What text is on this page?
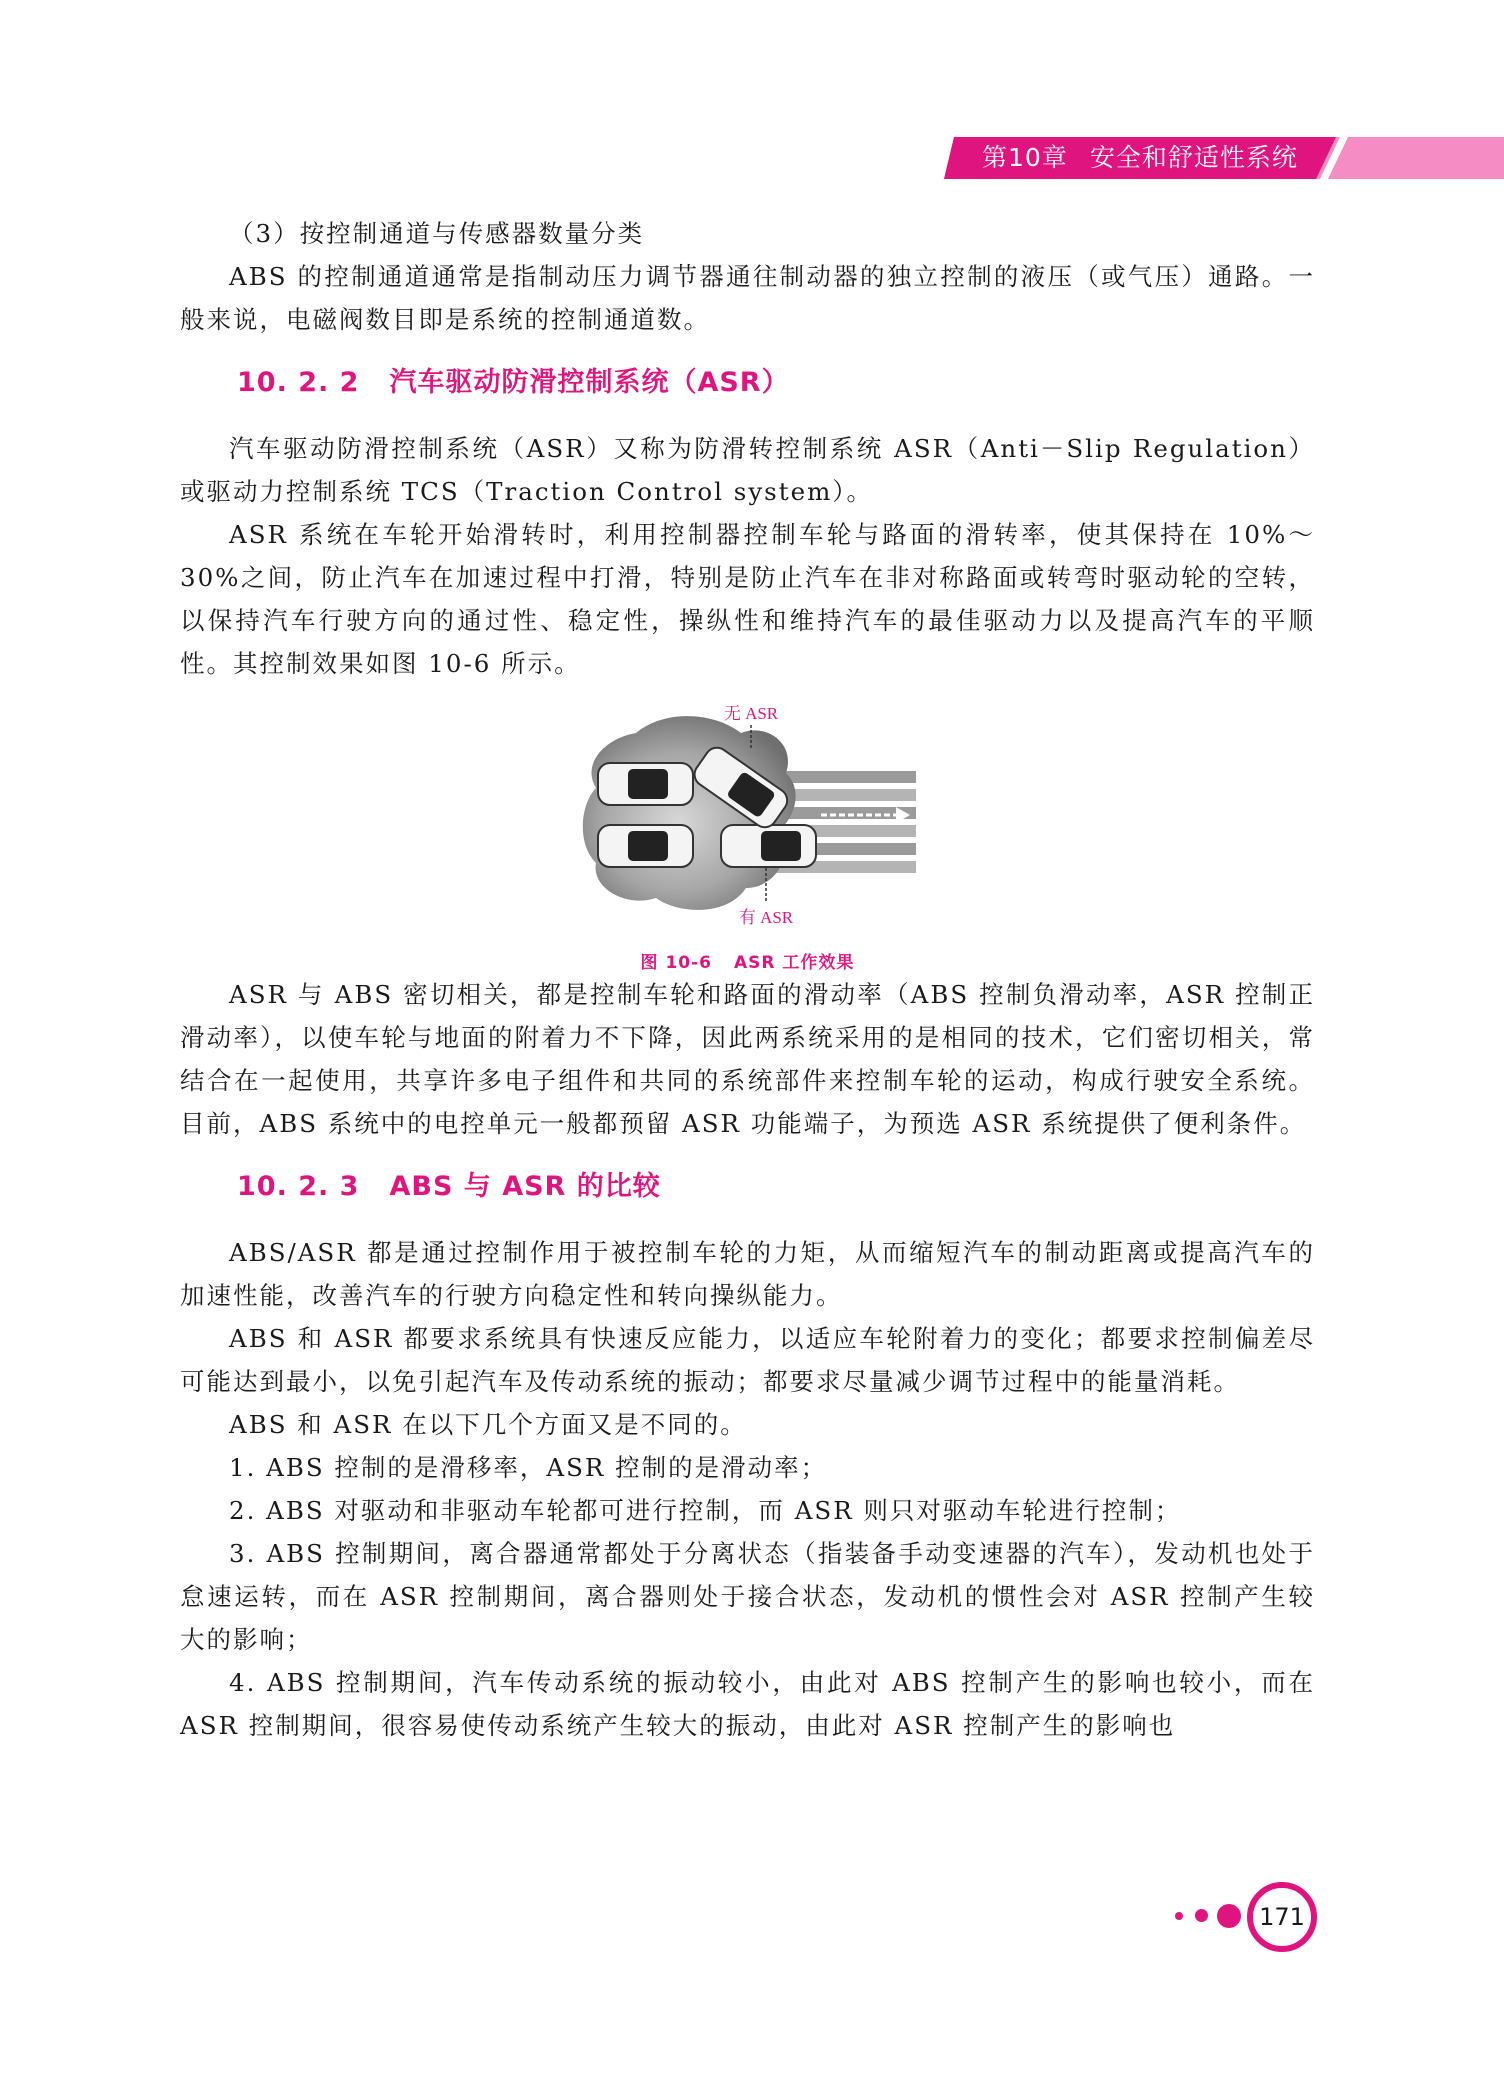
第10章 安全和舒适性系统

（3）按控制通道与传感器数量分类

ABS 的控制通道通常是指制动压力调节器通往制动器的独立控制的液压（或气压）通路。一般来说，电磁阀数目即是系统的控制通道数。

10. 2. 2 汽车驱动防滑控制系统（ASR）

汽车驱动防滑控制系统（ASR）又称为防滑转控制系统 ASR（Anti－Slip Regulation）或驱动力控制系统 TCS（Traction Control system）。

ASR 系统在车轮开始滑转时，利用控制器控制车轮与路面的滑转率，使其保持在 10%～30%之间，防止汽车在加速过程中打滑，特别是防止汽车在非对称路面或转弯时驱动轮的空转，以保持汽车行驶方向的通过性、稳定性，操纵性和维持汽车的最佳驱动力以及提高汽车的平顺性。其控制效果如图 10-6 所示。

无 ASR
有 ASR
图 10-6 ASR 工作效果

ASR 与 ABS 密切相关，都是控制车轮和路面的滑动率（ABS 控制负滑动率，ASR 控制正滑动率），以使车轮与地面的附着力不下降，因此两系统采用的是相同的技术，它们密切相关，常结合在一起使用，共享许多电子组件和共同的系统部件来控制车轮的运动，构成行驶安全系统。目前，ABS 系统中的电控单元一般都预留 ASR 功能端子，为预选 ASR 系统提供了便利条件。

10. 2. 3 ABS 与 ASR 的比较

ABS/ASR 都是通过控制作用于被控制车轮的力矩，从而缩短汽车的制动距离或提高汽车的加速性能，改善汽车的行驶方向稳定性和转向操纵能力。

ABS 和 ASR 都要求系统具有快速反应能力，以适应车轮附着力的变化；都要求控制偏差尽可能达到最小，以免引起汽车及传动系统的振动；都要求尽量减少调节过程中的能量消耗。

ABS 和 ASR 在以下几个方面又是不同的。

1. ABS 控制的是滑移率，ASR 控制的是滑动率；

2. ABS 对驱动和非驱动车轮都可进行控制，而 ASR 则只对驱动车轮进行控制；

3. ABS 控制期间，离合器通常都处于分离状态（指装备手动变速器的汽车），发动机也处于怠速运转，而在 ASR 控制期间，离合器则处于接合状态，发动机的惯性会对 ASR 控制产生较大的影响；

4. ABS 控制期间，汽车传动系统的振动较小，由此对 ABS 控制产生的影响也较小，而在 ASR 控制期间，很容易使传动系统产生较大的振动，由此对 ASR 控制产生的影响也

171
